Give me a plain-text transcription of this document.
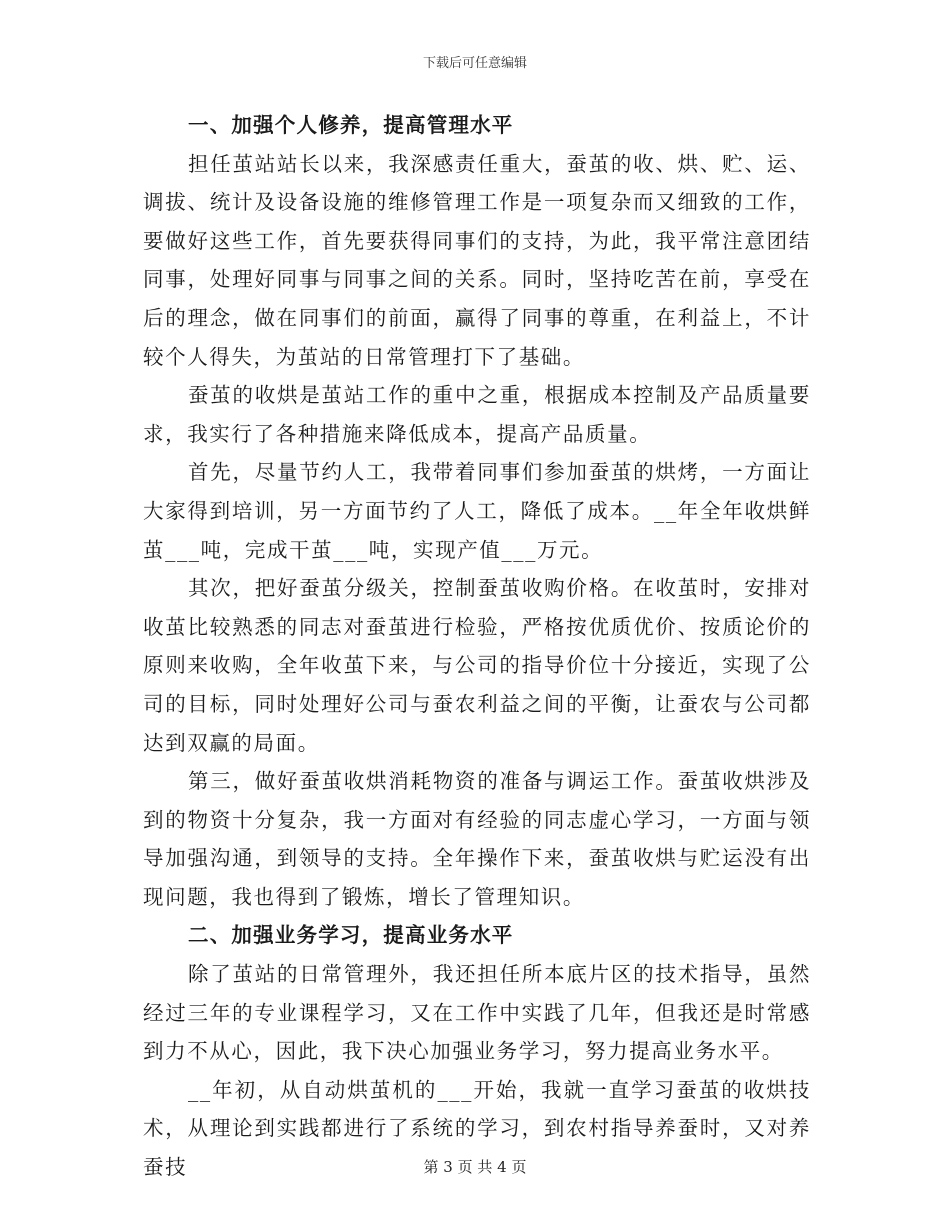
下载后可任意编辑

一、加强个人修养，提高管理水平

担任茧站站长以来，我深感责任重大，蚕茧的收、烘、贮、运、调拔、统计及设备设施的维修管理工作是一项复杂而又细致的工作，要做好这些工作，首先要获得同事们的支持，为此，我平常注意团结同事，处理好同事与同事之间的关系。同时，坚持吃苦在前，享受在后的理念，做在同事们的前面，赢得了同事的尊重，在利益上，不计较个人得失，为茧站的日常管理打下了基础。

蚕茧的收烘是茧站工作的重中之重，根据成本控制及产品质量要求，我实行了各种措施来降低成本，提高产品质量。

首先，尽量节约人工，我带着同事们参加蚕茧的烘烤，一方面让大家得到培训，另一方面节约了人工，降低了成本。__年全年收烘鲜茧___吨，完成干茧___吨，实现产值___万元。

其次，把好蚕茧分级关，控制蚕茧收购价格。在收茧时，安排对收茧比较熟悉的同志对蚕茧进行检验，严格按优质优价、按质论价的原则来收购，全年收茧下来，与公司的指导价位十分接近，实现了公司的目标，同时处理好公司与蚕农利益之间的平衡，让蚕农与公司都达到双赢的局面。

第三，做好蚕茧收烘消耗物资的准备与调运工作。蚕茧收烘涉及到的物资十分复杂，我一方面对有经验的同志虚心学习，一方面与领导加强沟通，到领导的支持。全年操作下来，蚕茧收烘与贮运没有出现问题，我也得到了锻炼，增长了管理知识。

二、加强业务学习，提高业务水平

除了茧站的日常管理外，我还担任所本底片区的技术指导，虽然经过三年的专业课程学习，又在工作中实践了几年，但我还是时常感到力不从心，因此，我下决心加强业务学习，努力提高业务水平。

__年初，从自动烘茧机的___开始，我就一直学习蚕茧的收烘技术，从理论到实践都进行了系统的学习，到农村指导养蚕时，又对养蚕技	第 3 页 共 4 页
